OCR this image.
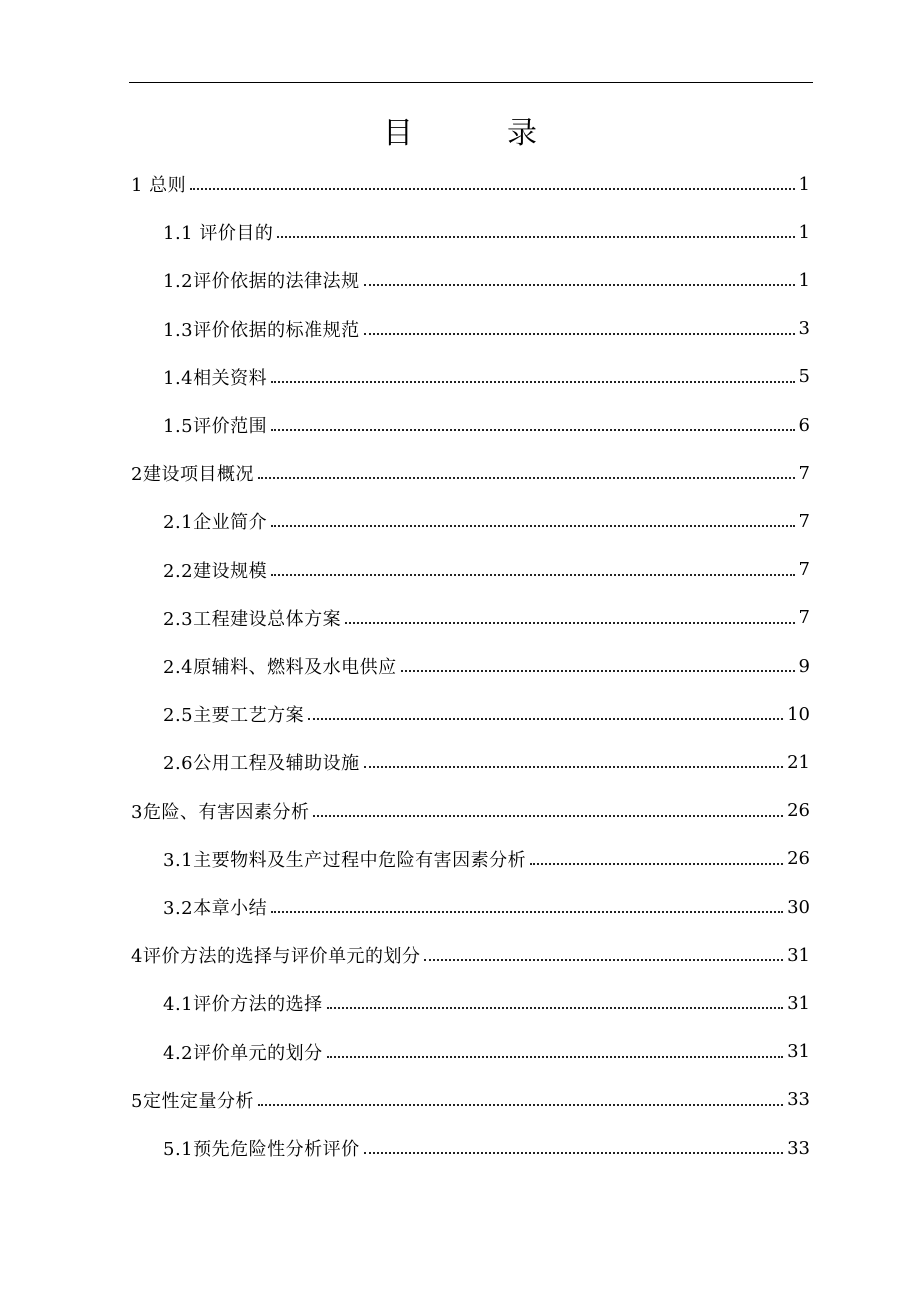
目　录
1 总则	1
1.1 评价目的	1
1.2评价依据的法律法规	1
1.3评价依据的标准规范	3
1.4相关资料	5
1.5评价范围	6
2建设项目概况	7
2.1企业简介	7
2.2建设规模	7
2.3工程建设总体方案	7
2.4原辅料、燃料及水电供应	9
2.5主要工艺方案	10
2.6公用工程及辅助设施	21
3危险、有害因素分析	26
3.1主要物料及生产过程中危险有害因素分析	26
3.2本章小结	30
4评价方法的选择与评价单元的划分	31
4.1评价方法的选择	31
4.2评价单元的划分	31
5定性定量分析	33
5.1预先危险性分析评价	33
